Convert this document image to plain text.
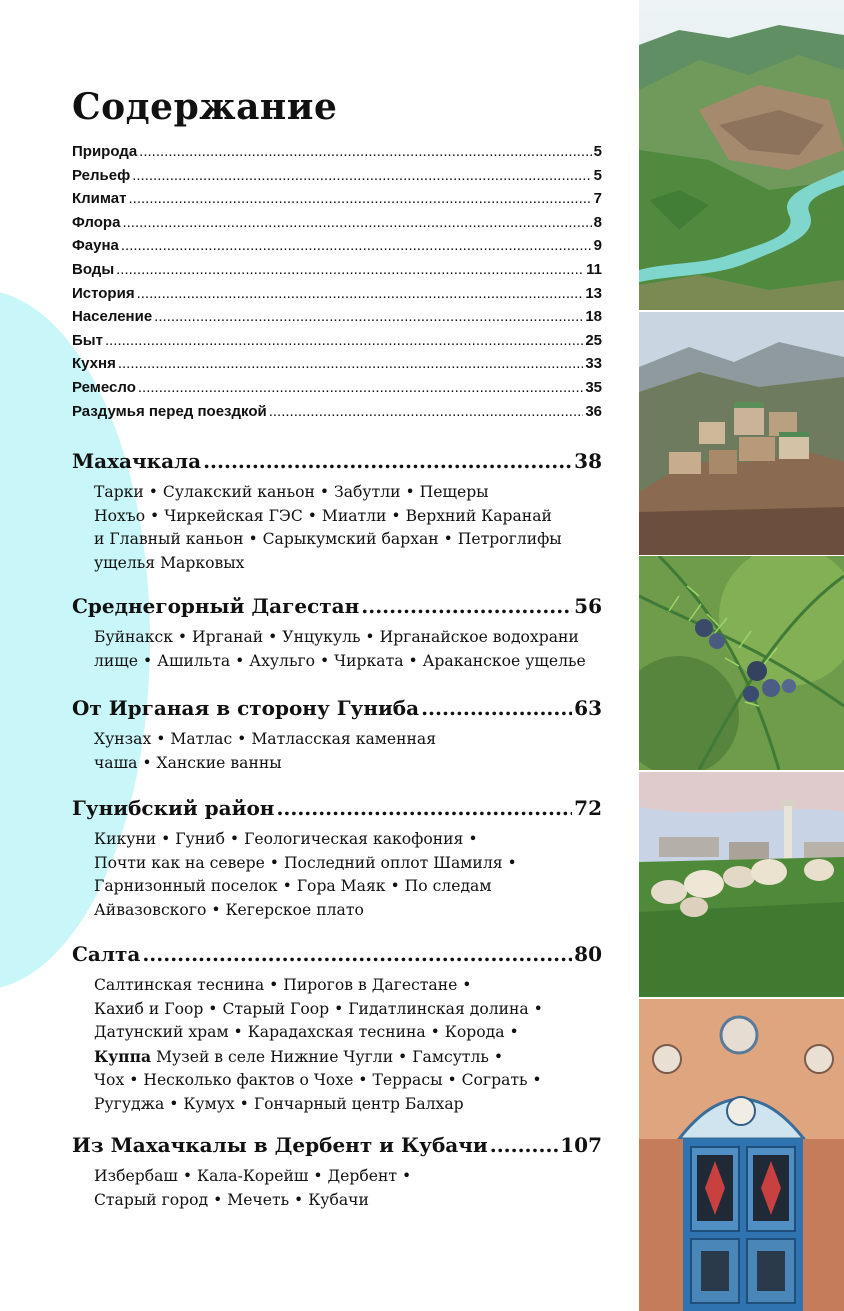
Содержание
Природа .....	5
Рельеф .....	5
Климат .....	7
Флора .....	8
Фауна .....	9
Воды .....	11
История .....	13
Население .....	18
Быт .....	25
Кухня .....	33
Ремесло .....	35
Раздумья перед поездкой .....	36
Махачкала .....	38
Тарки • Сулакский каньон • Забутли • Пещеры
Нохъо • Чиркейская ГЭС • Миатли • Верхний Каранай
и Главный каньон • Сарыкумский бархан • Петроглифы
ущелья Марковых
Среднегорный Дагестан .....	56
Буйнакск • Ирганай • Унцукуль • Ирганайское водохрани
лище • Ашильта • Ахульго • Чирката • Араканское ущелье
От Ирганая в сторону Гуниба .....	63
Хунзах • Матлас • Матласская каменная
чаша • Ханские ванны
Гунибский район .....	72
Кикуни • Гуниб • Геологическая какофония •
Почти как на севере • Последний оплот Шамиля •
Гарнизонный поселок • Гора Маяк • По следам
Айвазовского • Кегерское плато
Салта .....	80
Салтинская теснина • Пирогов в Дагестане •
Кахиб и Гоор • Старый Гоор • Гидатлинская долина •
Датунский храм • Карадахская теснина • Корода •
Куппа Музей в селе Нижние Чугли • Гамсутль •
Чох • Несколько фактов о Чохе • Террасы • Сограть •
Ругуджа • Кумух • Гончарный центр Балхар
Из Махачкалы в Дербент и Кубачи .....	107
Избербаш • Кала-Корейш • Дербент •
Старый город • Мечеть • Кубачи
